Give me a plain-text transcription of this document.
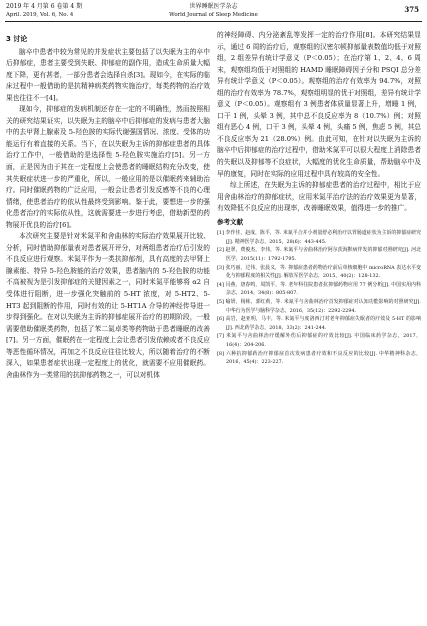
2019 年 4 月第 6 卷第 4 期
April. 2019, Vol. 6, No. 4
世界睡眠医学杂志
World Journal of Sleep Medicine
375
3 讨论

脑卒中患者中较为常见的并发症状主要包括了以失眠为主的卒中后抑郁症，患者主要受到失眠、抑郁症的副作用，造成生命质量大幅度下降，更有甚者，一部分患者会选择自杀[3]。现如今，在实际的临床过程中一般借助的是抗精神病类药物实施治疗，每类药物的治疗效果也往往不一[4]。

现如今，抑郁症的发病机制还存在一定的不明确性，然而按照相关的研究结果证实，以失眠为主的脑卒中后抑郁症的发病与患者大脑中的去甲肾上腺素及 5-羟色胺的实际代谢强国情况、浓度、受体的功能运行有着直接的关系。当下，在以失眠为主诉的抑郁症患者的具体治疗工作中，一般借助的是选择性 5-羟色胺实施治疗[5]。另一方面，正是因为由于其在一定程度上会使患者的睡眠结构充分改变，使其失眠症状进一步的严重化，所以，一般应用的是以催眠药来辅助治疗。同时催眠药物的广泛应用，一般会让患者引发反感等不良的心理情绪，使患者治疗的依从性最终受到影响。鉴于此，要想进一步的强化患者治疗的实际依从性，这就需要进一步进行考虑，借助新型的药物展开优良的治疗[6]。

本次研究主要是针对米氮平和舍曲林的实际治疗效果展开比较、分析，同时借助抑郁量表对患者展开评分，对两组患者治疗后引发的不良反应进行观察。米氮平作为一类抗抑郁剂，具有高度的去甲肾上腺素能、特异 5-羟色胺能的治疗效果，患者脑内的 5-羟色胺的功能不高被视为是引发抑郁症的关键因素之一，同时米氮平能够将 α2 自受体进行阻断，进一步强化突触前的 5-HT 浓度，对 5-HT2、5-HT3 起到阻断的作用，同时有效的让 5-HT1A 介导的神经传导进一步得到强化。在对以失眠为主诉的抑郁症展开治疗的初期阶段，一般需要借助催眠类药物，包括了苯二氮卓类等药物助于患者睡眠的改善[7]。另一方面，催眠药在一定程度上会让患者引发依赖或者不良反应等恶性循环情况，再加之不良反应往往比较大，所以随着治疗的不断深入，如果患者症状出现一定程度上的优化，就需要不应用催眠药。舍曲林作为一类常用的抗抑郁药物之一，可以对机体

的神经障碍、内分泌紊乱等发挥一定的治疗作用[8]。本研究结果显示，通过 6 周的治疗后，观察组的汉密尔顿抑郁量表数值均低于对照组，2 组差异有统计学意义（P＜0.05）；在治疗第 1、2、4、6 周末，观察组均低于对照组的 HAMD 睡眠障碍因子分和 PSQI 总分差异有统计学意义（P＜0.05）。观察组的治疗有效率为 94.7%，对照组的治疗有效率为 78.7%，观察组明显的优于对照组，差异有统计学意义（P＜0.05）。观察组有 3 例患者体质量显著上升，增睡 1 例，口干 1 例，头晕 3 例，其中总不良反应率为 8（10.7%）例；对照组有恶心 4 例，口干 3 例，头晕 4 例，头痛 5 例，焦虑 5 例，其总不良反应率为 21（28.0%）例。由此可知，在针对以失眠为主诉的脑卒中后抑郁症的治疗过程中，借助米氮平可以很大程度上消除患者的失眠以及抑郁等不良症状，大幅度的优化生命质量，帮助脑卒中及早的康复，同时在实际的应用过程中具有较高的安全性。

综上所述，在失眠为主诉的抑郁症患者的治疗过程中，相比于应用舍曲林治疗的抑郁症状，应用米氮平治疗法的治疗效果更为显著，有效降低不良反应的出现率，改善睡眠效果，值得进一步的推广。

参考文献
[1] 李作佳，赵成，陈平，等. 米氮平合并小剂量舒必利治疗以胃肠道症状为主诉的抑郁症研究[J]. 精神医学杂志，2015，28(6)：443-445.
[2] 赵翠，费俊杰，李伟，等. 米氮平与舍曲林治疗阿尔茨海默病伴发的抑郁对照研究[J]. 河北医学，2015(11)：1792-1795.
[3] 张巧丽，过伟，张晨义，等. 抑郁症患者药物治疗前后单核细胞中 microRNA 表达水平变化与抑郁程度的相关性[J]. 解放军医学杂志，2015，40(2)：128-132.
[4] 闫燕，唐春鸣，周凯平，等. 老年科住院患者抗抑郁药物应用 77 例分析[J]. 中国实用内科杂志，2014，34(8)：805-807.
[5] 喻妍，杨栋，郭红莉，等. 米氮平与舍曲林治疗首发抑郁症对认知功能影响的对照研究[J]. 中华行为医学与脑科学杂志，2016，35(12)：2292-2294.
[6] 高岩，赵亚明，马丰，等. 米氮平与度洛西汀对老年抑郁症失眠者的疗效及 5-HT 的影响[J]. 西北药学杂志，2018，33(2)：241-244.
[7] 米氮平与舍曲林治疗缓解外伤后抑郁症的疗效比较[J]. 中国临床药学杂志，2017，16(4)：204-206.
[8] 六种抗抑郁药治疗抑郁症首次发病患者疗效和不良反应的比较[J]. 中华精神科杂志，2016，45(4)：223-227.
